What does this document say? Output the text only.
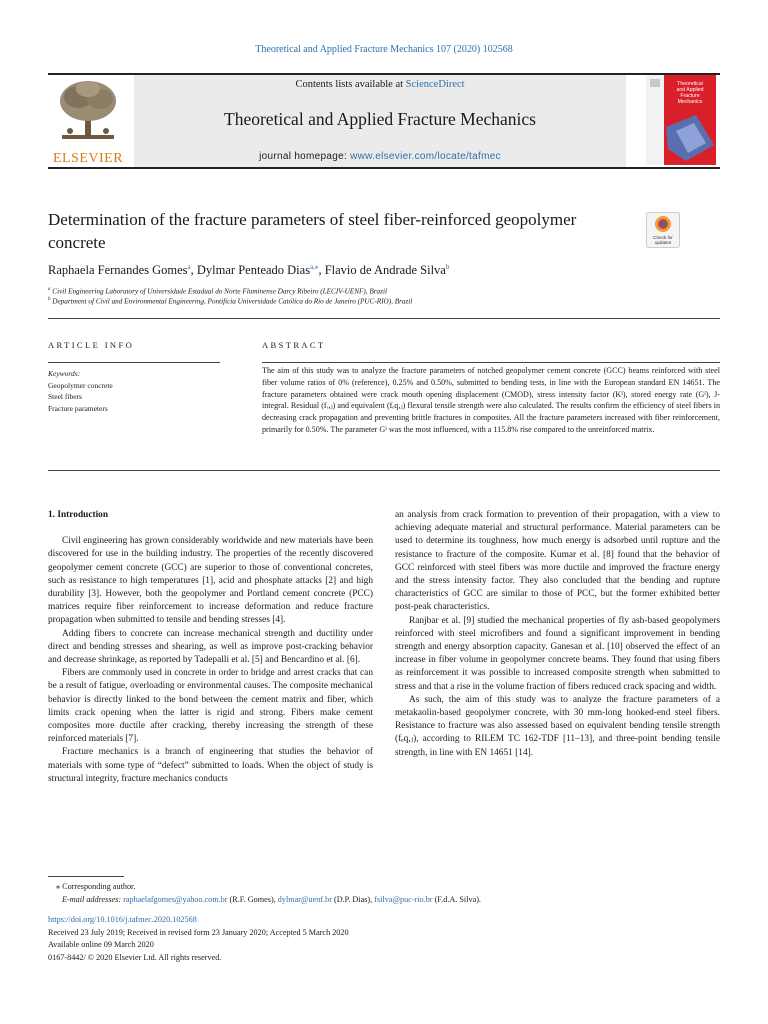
Theoretical and Applied Fracture Mechanics 107 (2020) 102568
ELSEVIER
Contents lists available at ScienceDirect
Theoretical and Applied Fracture Mechanics
journal homepage: www.elsevier.com/locate/tafmec
Theoretical
and Applied
Fracture
Mechanics
Determination of the fracture parameters of steel fiber-reinforced geopolymer concrete	Check for
updates
Raphaela Fernandes Gomes$^a$, Dylmar Penteado Dias$^{a,⁎}$, Flavio de Andrade Silva$^b$
$^a$ Civil Engineering Laboratory of Universidade Estadual do Norte Fluminense Darcy Ribeiro (LECIV-UENF), Brazil
$^b$ Department of Civil and Environmental Engineering, Pontifícia Universidade Católica do Rio de Janeiro (PUC-RIO), Brazil
ARTICLE INFO	ABSTRACT
Keywords:
Geopolymer concrete
Steel fibers
Fracture parameters
The aim of this study was to analyze the fracture parameters of notched geopolymer cement concrete (GCC) beams reinforced with steel fiber volume ratios of 0% (reference), 0.25% and 0.50%, submitted to bending tests, in line with the European standard EN 14651. The fracture parameters obtained were crack mouth opening displacement (CMOD), stress intensity factor (Kᴵ), stored energy rate (Gᴵ), J-integral. Residual (fᵣ,ⱼ) and equivalent (fₑq,ⱼ) flexural tensile strength were also calculated. The results confirm the efficiency of steel fibers in decreasing crack propagation and preventing brittle fractures in composites. All the fracture parameters increased with fiber reinforcement, primarily for 0.50%. The parameter Gᴵ was the most influenced, with a 115.8% rise compared to the unreinforced matrix.

1. Introduction

Civil engineering has grown considerably worldwide and new materials have been discovered for use in the building industry. The properties of the recently discovered geopolymer cement concrete (GCC) are superior to those of conventional concretes, such as resistance to high temperatures [1], acid and phosphate attacks [2] and high durability [3]. However, both the geopolymer and Portland cement concrete (PCC) matrices require fiber reinforcement to increase deformation and reduce fracture propagation when submitted to tensile and bending stresses [4].

Adding fibers to concrete can increase mechanical strength and ductility under direct and bending stresses and shearing, as well as improve post-cracking behavior and decrease shrinkage, as reported by Tadepalli et al. [5] and Bencardino et al. [6].

Fibers are commonly used in concrete in order to bridge and arrest cracks that can be a result of fatigue, overloading or environmental causes. The composite mechanical behavior is directly linked to the bond between the cement matrix and fiber, which limits crack opening when the latter is rigid and strong. Fibers make cement composites more ductile after cracking, thereby increasing the strength of these reinforced materials [7].

Fracture mechanics is a branch of engineering that studies the behavior of materials with some type of “defect” submitted to loads. When the object of study is structural integrity, fracture mechanics conducts

an analysis from crack formation to prevention of their propagation, with a view to achieving adequate material and structural performance. Material parameters can be used to determine its toughness, how much energy is adsorbed until rupture and the resistance to fracture of the composite. Kumar et al. [8] found that the behavior of GCC reinforced with steel fibers was more ductile and improved the fracture energy and the stress intensity factor. They also concluded that the bending and rupture characteristics of GCC are similar to those of PCC, but the former exhibited better post-peak characteristics.

Ranjbar et al. [9] studied the mechanical properties of fly ash-based geopolymers reinforced with steel microfibers and found a significant improvement in bending strength and energy absorption capacity. Ganesan et al. [10] observed the effect of an increase in fiber volume in geopolymer concrete beams. They found that using fibers as reinforcement it was possible to increased composite strength when submitted to stress and that a rise in the volume fraction of fibers reduced crack spacing and width.

As such, the aim of this study was to analyze the fracture parameters of a metakaolin-based geopolymer concrete, with 30 mm-long hooked-end steel fibers. Resistance to fracture was also assessed based on equivalent bending tensile strength (fₑq,ⱼ), according to RILEM TC 162-TDF [11–13], and three-point bending tensile strength, in line with EN 14651 [14].

⁎ Corresponding author.
E-mail addresses: raphaelafgomes@yahoo.com.br (R.F. Gomes), dylmar@uenf.br (D.P. Dias), fsilva@puc-rio.br (F.d.A. Silva).
https://doi.org/10.1016/j.tafmec.2020.102568
Received 23 July 2019; Received in revised form 23 January 2020; Accepted 5 March 2020
Available online 09 March 2020
0167-8442/ © 2020 Elsevier Ltd. All rights reserved.
